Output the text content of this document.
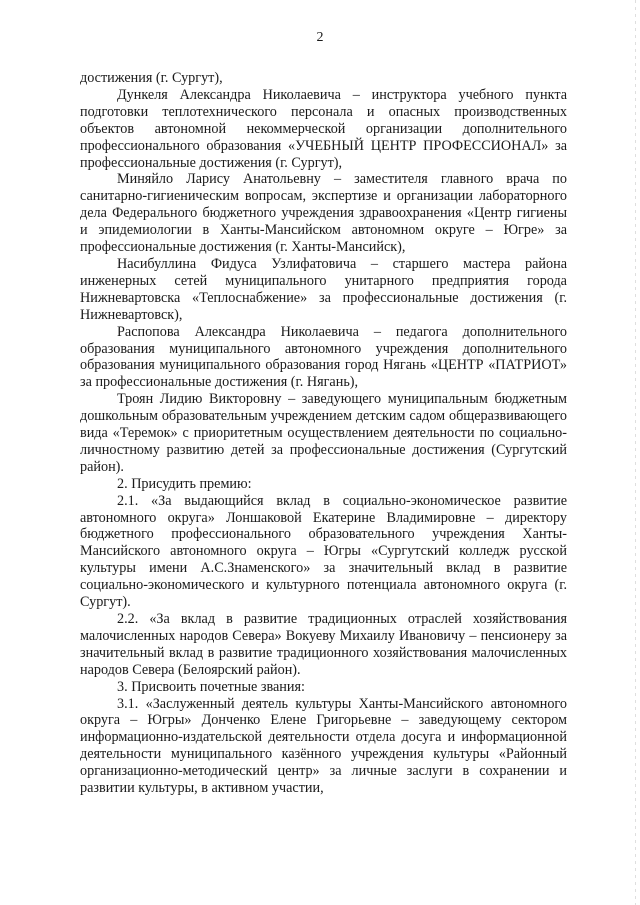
2

достижения (г. Сургут),

Дункеля Александра Николаевича – инструктора учебного пункта подготовки теплотехнического персонала и опасных производственных объектов автономной некоммерческой организации дополнительного профессионального образования «УЧЕБНЫЙ ЦЕНТР ПРОФЕССИОНАЛ» за профессиональные достижения (г. Сургут),

Миняйло Ларису Анатольевну – заместителя главного врача по санитарно-гигиеническим вопросам, экспертизе и организации лабораторного дела Федерального бюджетного учреждения здравоохранения «Центр гигиены и эпидемиологии в Ханты-Мансийском автономном округе – Югре» за профессиональные достижения (г. Ханты-Мансийск),

Насибуллина Фидуса Узлифатовича – старшего мастера района инженерных сетей муниципального унитарного предприятия города Нижневартовска «Теплоснабжение» за профессиональные достижения (г. Нижневартовск),

Распопова Александра Николаевича – педагога дополнительного образования муниципального автономного учреждения дополнительного образования муниципального образования город Нягань «ЦЕНТР «ПАТРИОТ» за профессиональные достижения (г. Нягань),

Троян Лидию Викторовну – заведующего муниципальным бюджетным дошкольным образовательным учреждением детским садом общеразвивающего вида «Теремок» с приоритетным осуществлением деятельности по социально-личностному развитию детей за профессиональные достижения (Сургутский район).

2. Присудить премию:

2.1. «За выдающийся вклад в социально-экономическое развитие автономного округа» Лоншаковой Екатерине Владимировне – директору бюджетного профессионального образовательного учреждения Ханты-Мансийского автономного округа – Югры «Сургутский колледж русской культуры имени А.С.Знаменского» за значительный вклад в развитие социально-экономического и культурного потенциала автономного округа (г. Сургут).

2.2. «За вклад в развитие традиционных отраслей хозяйствования малочисленных народов Севера» Вокуеву Михаилу Ивановичу – пенсионеру за значительный вклад в развитие традиционного хозяйствования малочисленных народов Севера (Белоярский район).

3. Присвоить почетные звания:

3.1. «Заслуженный деятель культуры Ханты-Мансийского автономного округа – Югры» Донченко Елене Григорьевне – заведующему сектором информационно-издательской деятельности отдела досуга и информационной деятельности муниципального казённого учреждения культуры «Районный организационно-методический центр» за личные заслуги в сохранении и развитии культуры, в активном участии,
